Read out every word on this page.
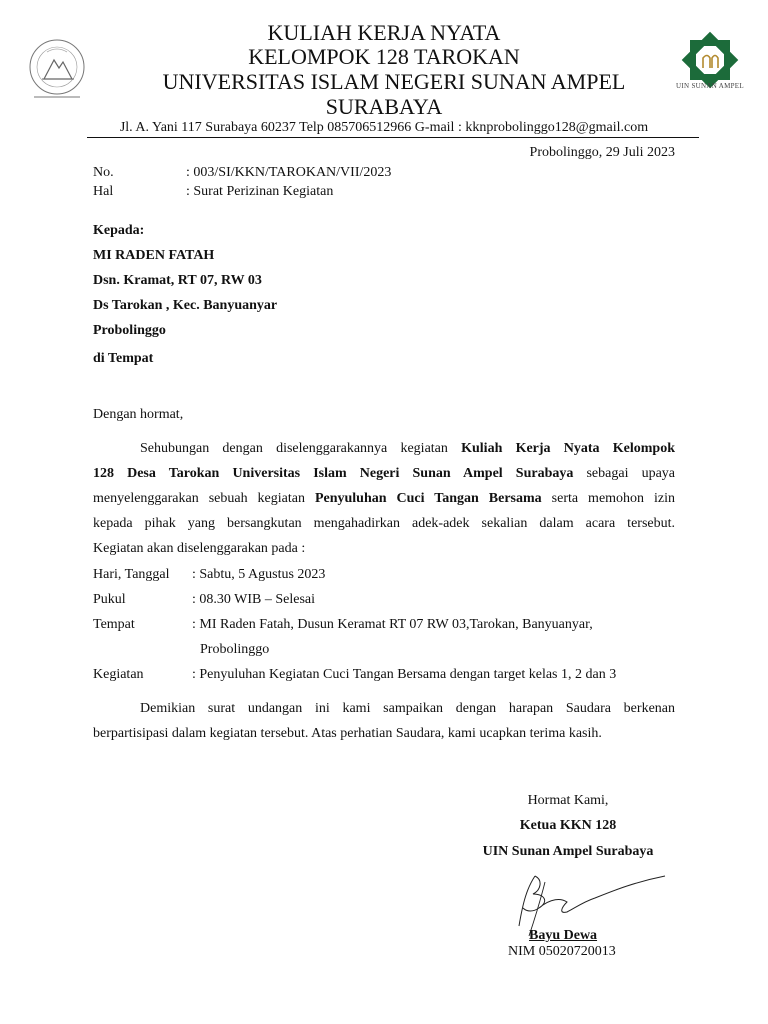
UIN SUNAN AMPEL
KULIAH KERJA NYATA
KELOMPOK 128 TAROKAN
UNIVERSITAS ISLAM NEGERI SUNAN AMPEL
SURABAYA
Jl. A. Yani 117 Surabaya 60237 Telp 085706512966 G-mail : kknprobolinggo128@gmail.com
Probolinggo, 29 Juli 2023
No.	: 003/SI/KKN/TAROKAN/VII/2023
Hal	: Surat Perizinan Kegiatan
Kepada:
MI RADEN FATAH
Dsn. Kramat, RT 07, RW 03
Ds Tarokan , Kec. Banyuanyar
Probolinggo
di Tempat
Dengan hormat,
Sehubungan dengan diselenggarakannya kegiatan Kuliah Kerja Nyata Kelompok
128 Desa Tarokan Universitas Islam Negeri Sunan Ampel Surabaya sebagai upaya
menyelenggarakan sebuah kegiatan Penyuluhan Cuci Tangan Bersama serta memohon izin
kepada pihak yang bersangkutan mengahadirkan adek-adek sekalian dalam acara tersebut.
Kegiatan akan diselenggarakan pada :
Hari, Tanggal : Sabtu, 5 Agustus 2023
Pukul	: 08.30 WIB – Selesai
Tempat	: MI Raden Fatah, Dusun Keramat RT 07 RW 03,Tarokan, Banyuanyar,
Probolinggo
Kegiatan	: Penyuluhan Kegiatan Cuci Tangan Bersama dengan target kelas 1, 2 dan 3
Demikian surat undangan ini kami sampaikan dengan harapan Saudara berkenan
berpartisipasi dalam kegiatan tersebut. Atas perhatian Saudara, kami ucapkan terima kasih.
Hormat Kami,
Ketua KKN 128
UIN Sunan Ampel Surabaya
Bayu Dewa
NIM 05020720013
